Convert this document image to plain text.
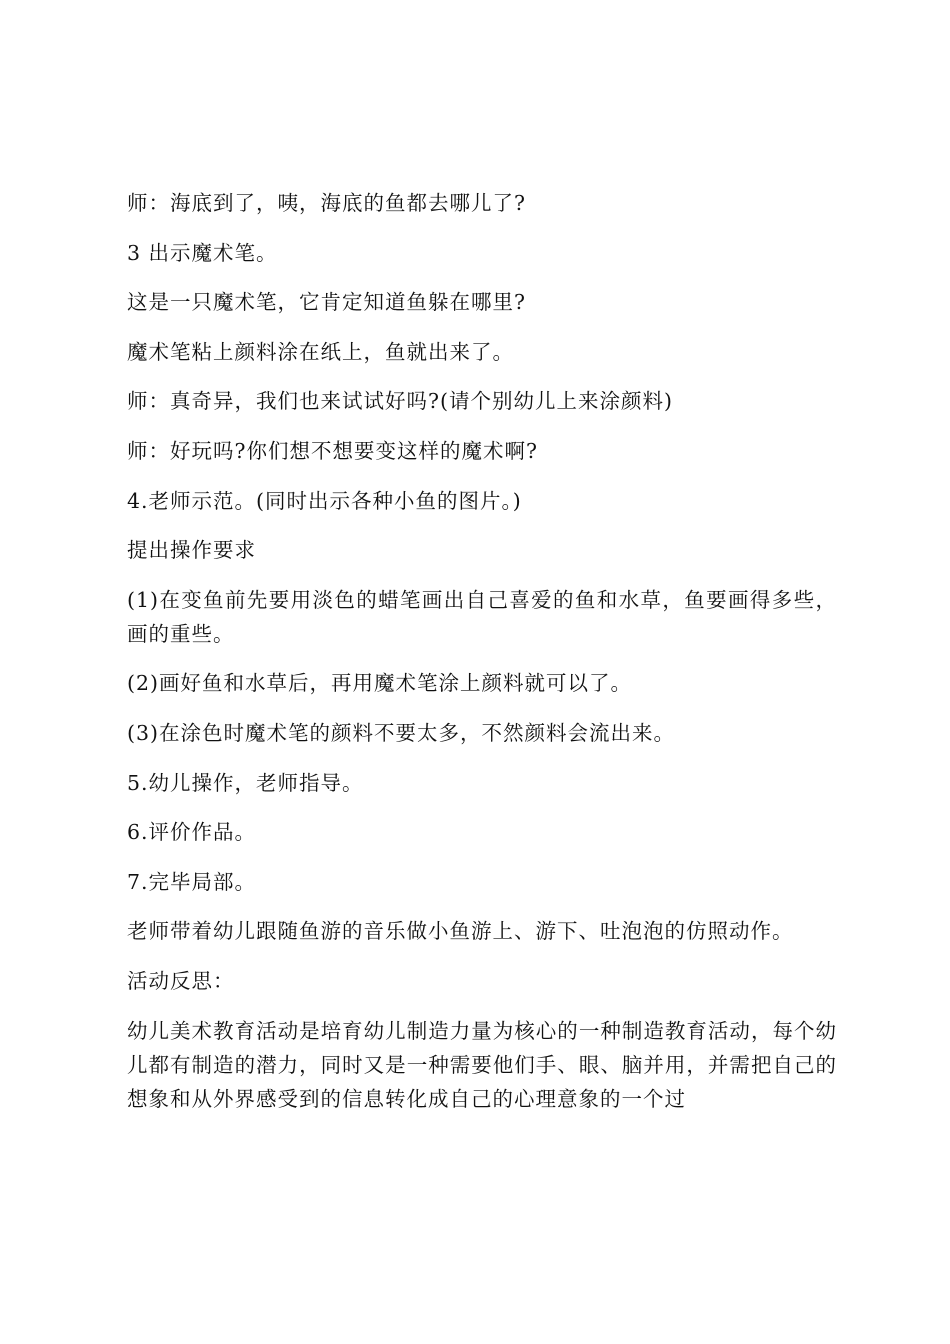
师：海底到了，咦，海底的鱼都去哪儿了?

3 出示魔术笔。

这是一只魔术笔，它肯定知道鱼躲在哪里?

魔术笔粘上颜料涂在纸上，鱼就出来了。

师：真奇异，我们也来试试好吗?(请个别幼儿上来涂颜料)

师：好玩吗?你们想不想要变这样的魔术啊?

4.老师示范。(同时出示各种小鱼的图片。)

提出操作要求

(1)在变鱼前先要用淡色的蜡笔画出自己喜爱的鱼和水草，鱼要画得多些，画的重些。

(2)画好鱼和水草后，再用魔术笔涂上颜料就可以了。

(3)在涂色时魔术笔的颜料不要太多，不然颜料会流出来。

5.幼儿操作，老师指导。

6.评价作品。

7.完毕局部。

老师带着幼儿跟随鱼游的音乐做小鱼游上、游下、吐泡泡的仿照动作。

活动反思：

幼儿美术教育活动是培育幼儿制造力量为核心的一种制造教育活动，每个幼儿都有制造的潜力，同时又是一种需要他们手、眼、脑并用，并需把自己的想象和从外界感受到的信息转化成自己的心理意象的一个过
